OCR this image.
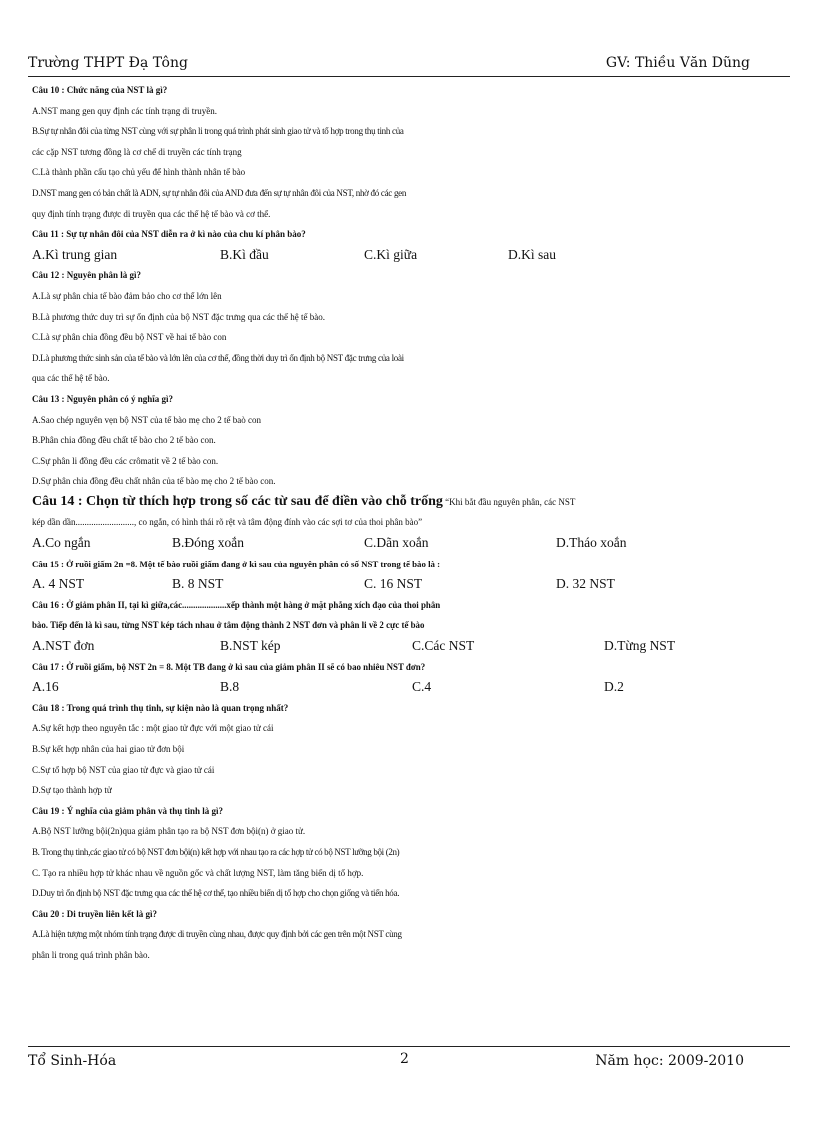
Trường THPT Đạ Tông	GV: Thiều Văn Dũng
Câu 10 : Chức năng của NST là gì?
A.NST mang gen quy định các tính trạng di truyền.
B.Sự tự nhân đôi của từng NST cùng với sự phân li trong quá trình phát sinh giao tử và tổ hợp trong thụ tinh của
các cặp NST tương đồng là cơ chế di truyền các tính trạng
C.Là thành phần cấu tạo chủ yếu để hình thành nhân tế bào
D.NST mang gen có bản chất là ADN, sự tự nhân đôi của AND đưa đến sự tự nhân đôi của NST, nhờ đó các gen
quy định tính trạng được di truyền qua các thế hệ tế bào và cơ thể.
Câu 11 : Sự tự nhân đôi của NST diễn ra ở kì nào của chu kí phân bào?
A.Kì trung gian	B.Kì đầu	C.Kì giữa	D.Kì sau
Câu 12 : Nguyên phân là gì?
A.Là sự phân chia tế bào đảm bảo cho cơ thể lớn lên
B.Là phương thức duy trì sự ổn định của bộ NST đặc trưng qua các thế hệ tế bào.
C.Là sự phân chia đồng đều bộ NST về hai tế bào con
D.Là phương thức sinh sản của tế bào và lớn lên của cơ thể, đồng thời duy trì ổn định bộ NST đặc trưng của loài
qua các thế hệ tế bào.
Câu 13 : Nguyên phân có ý nghĩa gì?
A.Sao chép nguyên vẹn bộ NST của tế bào mẹ cho 2 tế baò con
B.Phân chia đồng đều chất tế bào cho 2 tế bào con.
C.Sự phân li đồng đều các crômatit về 2 tế bào con.
D.Sự phân chia đồng đều chất nhân của tế bào mẹ cho 2 tế bào con.
Câu 14 : Chọn từ thích hợp trong số các từ sau để điền vào chỗ trống “Khi bắt đầu nguyên phân, các NST
kép dần dần.........................., co ngắn, có hình thái rõ rệt và tâm động đính vào các sợi tơ của thoi phân bào”
A.Co ngắn	B.Đóng xoắn	C.Dãn xoắn	D.Tháo xoắn
Câu 15 : Ở ruồi giấm 2n =8. Một tế bào ruồi giấm đang ở kì sau của nguyên phân có số NST trong tế bào là :
A. 4 NST	B. 8 NST	C. 16 NST	D. 32 NST
Câu 16 : Ở giảm phân II, tại kì giữa,các....................xếp thành một hàng ở mặt phẳng xích đạo của thoi phân
bào. Tiếp đến là kì sau, từng NST kép tách nhau ở tâm động thành 2 NST đơn và phân li về 2 cực tế bào
A.NST đơn	B.NST kép	C.Các NST	D.Từng NST
Câu 17 : Ở ruồi giấm, bộ NST 2n = 8. Một TB đang ở kì sau của giảm phân II sẽ có bao nhiêu NST đơn?
A.16	B.8	C.4	D.2
Câu 18 : Trong quá trình thụ tinh, sự kiện nào là quan trọng nhất?
A.Sự kết hợp theo nguyên tắc : một giao tử đực với một giao tử cái
B.Sự kết hợp nhân của hai giao tử đơn bội
C.Sự tổ hợp bộ NST của giao tử đực và giao tử cái
D.Sự tạo thành hợp tử
Câu 19 : Ý nghĩa của giảm phân và thụ tinh là gì?
A.Bộ NST lưỡng bội(2n)qua giảm phân tạo ra bộ NST đơn bội(n) ở giao tử.
B. Trong thụ tinh,các giao tử có bộ NST đơn bội(n) kết hợp với nhau tạo ra các hợp tử có bộ NST lưỡng bội (2n)
C. Tạo ra nhiều hợp tử khác nhau về nguồn gốc và chất lượng NST, làm tăng biến dị tổ hợp.
D.Duy trì ổn định bộ NST đặc trưng qua các thế hệ cơ thể, tạo nhiều biến dị tổ hợp cho chọn giống và tiến hóa.
Câu 20 : Di truyền liên kết là gì?
A.Là hiện tượng một nhóm tính trạng được di truyền cùng nhau, được quy định bởi các gen trên một NST cùng
phân li trong quá trình phân bào.
Tổ Sinh-Hóa	2	Năm học: 2009-2010
